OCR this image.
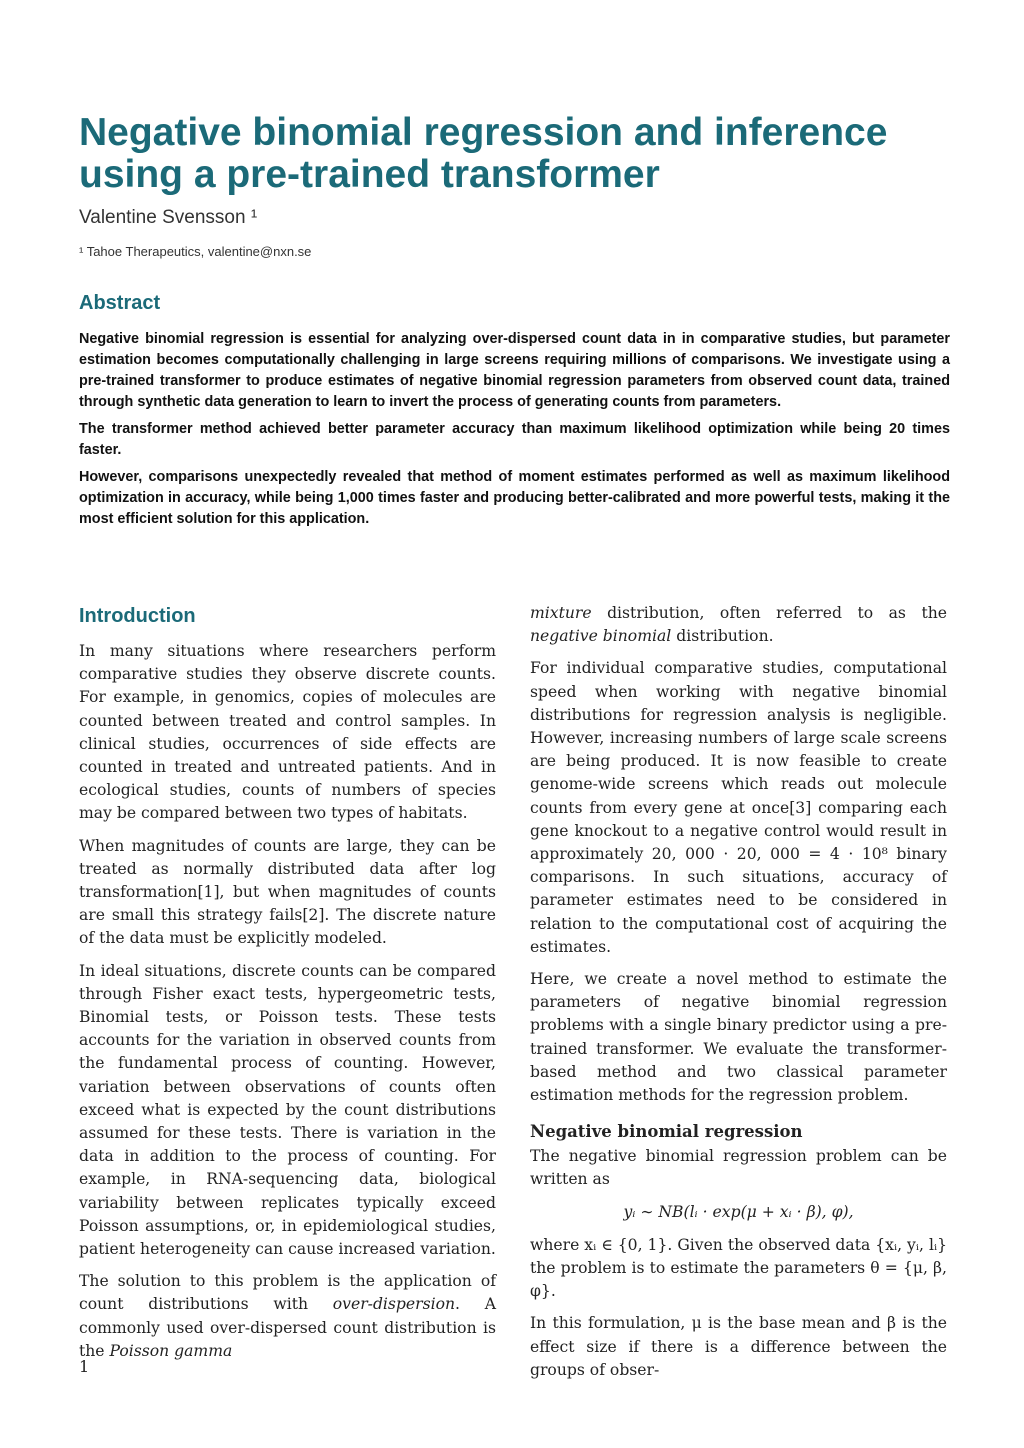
Negative binomial regression and inference using a pre-trained transformer
Valentine Svensson ¹
¹ Tahoe Therapeutics, valentine@nxn.se
Abstract

Negative binomial regression is essential for analyzing over-dispersed count data in in comparative studies, but parameter estimation becomes computationally challenging in large screens requiring millions of comparisons. We investigate using a pre-trained transformer to produce estimates of negative binomial regression parameters from observed count data, trained through synthetic data generation to learn to invert the process of generating counts from parameters.

The transformer method achieved better parameter accuracy than maximum likelihood optimization while being 20 times faster.

However, comparisons unexpectedly revealed that method of moment estimates performed as well as maximum likelihood optimization in accuracy, while being 1,000 times faster and producing better-calibrated and more powerful tests, making it the most efficient solution for this application.

Introduction

In many situations where researchers perform comparative studies they observe discrete counts. For example, in genomics, copies of molecules are counted between treated and control samples. In clinical studies, occurrences of side effects are counted in treated and untreated patients. And in ecological studies, counts of numbers of species may be compared between two types of habitats.

When magnitudes of counts are large, they can be treated as normally distributed data after log transformation[1], but when magnitudes of counts are small this strategy fails[2]. The discrete nature of the data must be explicitly modeled.

In ideal situations, discrete counts can be compared through Fisher exact tests, hypergeometric tests, Binomial tests, or Poisson tests. These tests accounts for the variation in observed counts from the fundamental process of counting. However, variation between observations of counts often exceed what is expected by the count distributions assumed for these tests. There is variation in the data in addition to the process of counting. For example, in RNA-sequencing data, biological variability between replicates typically exceed Poisson assumptions, or, in epidemiological studies, patient heterogeneity can cause increased variation.

The solution to this problem is the application of count distributions with over-dispersion. A commonly used over-dispersed count distribution is the Poisson gamma

mixture distribution, often referred to as the negative binomial distribution.

For individual comparative studies, computational speed when working with negative binomial distributions for regression analysis is negligible. However, increasing numbers of large scale screens are being produced. It is now feasible to create genome-wide screens which reads out molecule counts from every gene at once[3] comparing each gene knockout to a negative control would result in approximately 20, 000 · 20, 000 = 4 · 10⁸ binary comparisons. In such situations, accuracy of parameter estimates need to be considered in relation to the computational cost of acquiring the estimates.

Here, we create a novel method to estimate the parameters of negative binomial regression problems with a single binary predictor using a pre-trained transformer. We evaluate the transformer-based method and two classical parameter estimation methods for the regression problem.

Negative binomial regression

The negative binomial regression problem can be written as

yᵢ ∼ NB(lᵢ · exp(μ + xᵢ · β), φ),

where xᵢ ∈ {0, 1}. Given the observed data {xᵢ, yᵢ, lᵢ} the problem is to estimate the parameters θ = {μ, β, φ}.

In this formulation, μ is the base mean and β is the effect size if there is a difference between the groups of obser-

1
